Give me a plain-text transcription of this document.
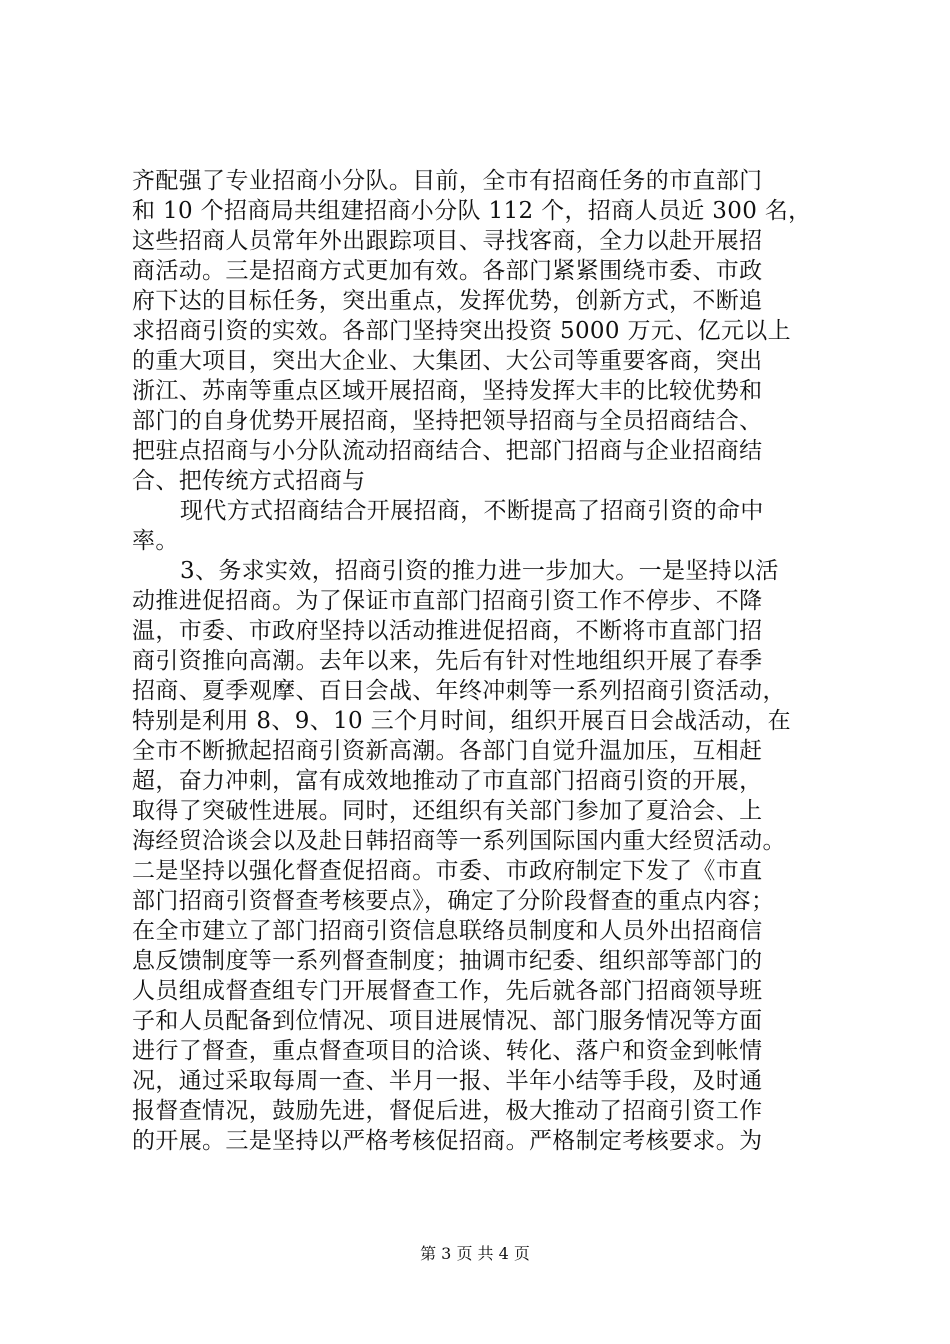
齐配强了专业招商小分队。目前，全市有招商任务的市直部门
和 10 个招商局共组建招商小分队 112 个，招商人员近 300 名，
这些招商人员常年外出跟踪项目、寻找客商，全力以赴开展招
商活动。三是招商方式更加有效。各部门紧紧围绕市委、市政
府下达的目标任务，突出重点，发挥优势，创新方式，不断追
求招商引资的实效。各部门坚持突出投资 5000 万元、亿元以上
的重大项目，突出大企业、大集团、大公司等重要客商，突出
浙江、苏南等重点区域开展招商，坚持发挥大丰的比较优势和
部门的自身优势开展招商，坚持把领导招商与全员招商结合、
把驻点招商与小分队流动招商结合、把部门招商与企业招商结
合、把传统方式招商与
现代方式招商结合开展招商，不断提高了招商引资的命中
率。
3、务求实效，招商引资的推力进一步加大。一是坚持以活
动推进促招商。为了保证市直部门招商引资工作不停步、不降
温，市委、市政府坚持以活动推进促招商，不断将市直部门招
商引资推向高潮。去年以来，先后有针对性地组织开展了春季
招商、夏季观摩、百日会战、年终冲刺等一系列招商引资活动，
特别是利用 8、9、10 三个月时间，组织开展百日会战活动，在
全市不断掀起招商引资新高潮。各部门自觉升温加压，互相赶
超，奋力冲刺，富有成效地推动了市直部门招商引资的开展，
取得了突破性进展。同时，还组织有关部门参加了夏洽会、上
海经贸洽谈会以及赴日韩招商等一系列国际国内重大经贸活动。
二是坚持以强化督查促招商。市委、市政府制定下发了《市直
部门招商引资督查考核要点》，确定了分阶段督查的重点内容；
在全市建立了部门招商引资信息联络员制度和人员外出招商信
息反馈制度等一系列督查制度；抽调市纪委、组织部等部门的
人员组成督查组专门开展督查工作，先后就各部门招商领导班
子和人员配备到位情况、项目进展情况、部门服务情况等方面
进行了督查，重点督查项目的洽谈、转化、落户和资金到帐情
况，通过采取每周一查、半月一报、半年小结等手段，及时通
报督查情况，鼓励先进，督促后进，极大推动了招商引资工作
的开展。三是坚持以严格考核促招商。严格制定考核要求。为
第 3 页 共 4 页
